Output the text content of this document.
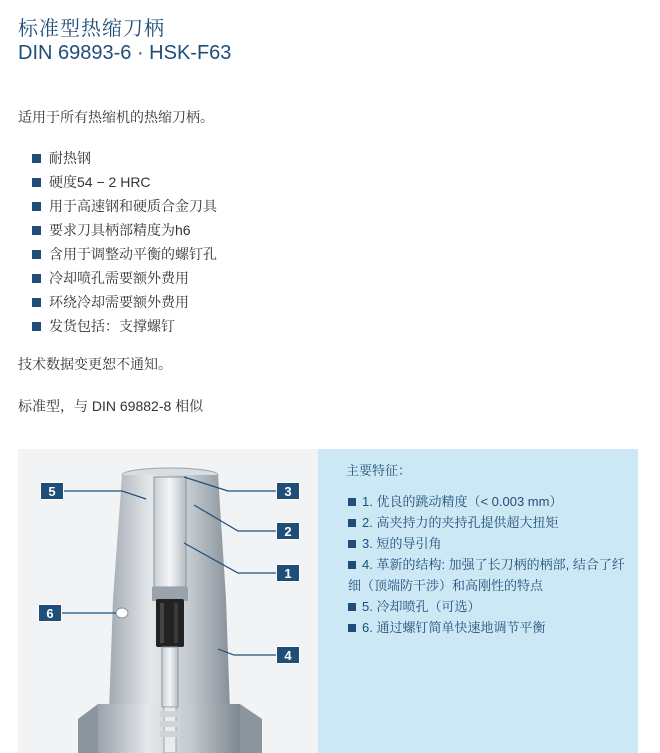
标准型热缩刀柄
DIN 69893-6 · HSK-F63
适用于所有热缩机的热缩刀柄。
耐热钢
硬度54 − 2 HRC
用于高速钢和硬质合金刀具
要求刀具柄部精度为h6
含用于调整动平衡的螺钉孔
冷却喷孔需要额外费用
环绕冷却需要额外费用
发货包括：支撑螺钉
技术数据变更恕不通知。
标准型，与 DIN 69882-8 相似
5	3
2
1
6
4
主要特征：
1. 优良的跳动精度（< 0.003 mm）
2. 高夹持力的夹持孔提供超大扭矩
3. 短的导引角
4. 革新的结构: 加强了长刀柄的柄部, 结合了纤细（顶端防干涉）和高刚性的特点
5. 冷却喷孔（可选）
6. 通过螺钉简单快速地调节平衡
